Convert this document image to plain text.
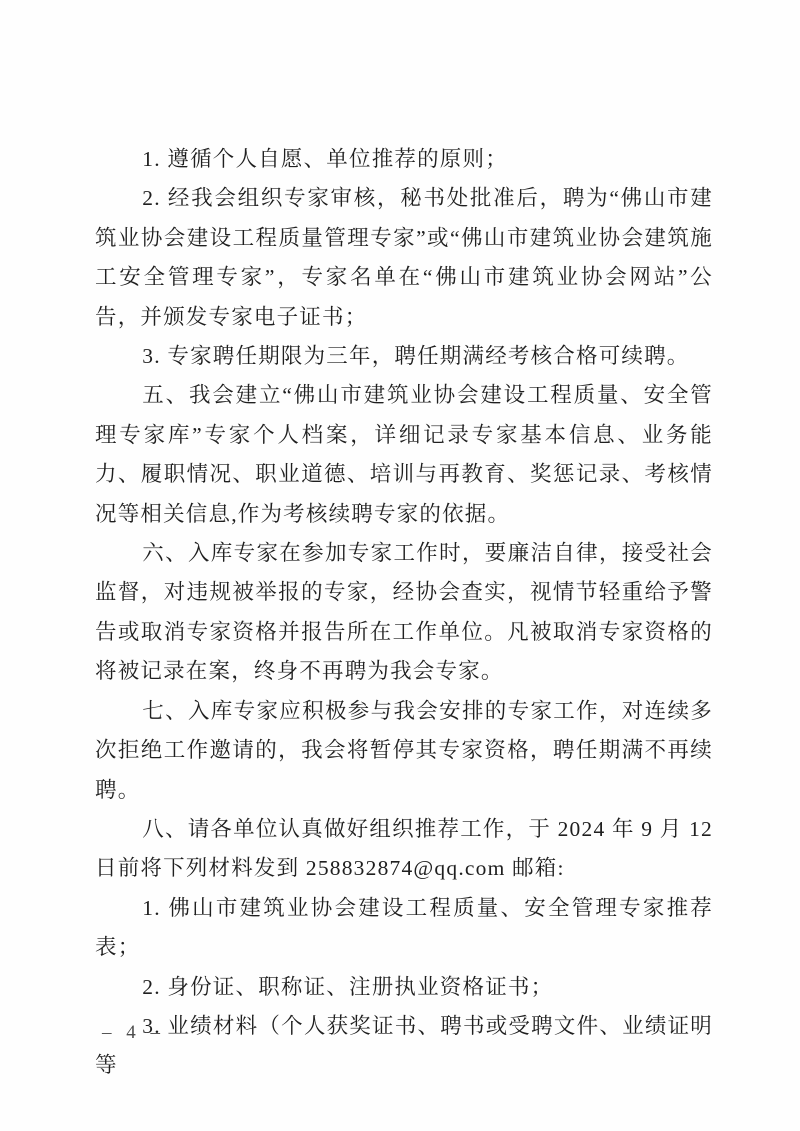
1. 遵循个人自愿、单位推荐的原则；

2. 经我会组织专家审核，秘书处批准后，聘为“佛山市建筑业协会建设工程质量管理专家”或“佛山市建筑业协会建筑施工安全管理专家”，专家名单在“佛山市建筑业协会网站”公告，并颁发专家电子证书；

3. 专家聘任期限为三年，聘任期满经考核合格可续聘。

五、我会建立“佛山市建筑业协会建设工程质量、安全管理专家库”专家个人档案，详细记录专家基本信息、业务能力、履职情况、职业道德、培训与再教育、奖惩记录、考核情况等相关信息,作为考核续聘专家的依据。

六、入库专家在参加专家工作时，要廉洁自律，接受社会监督，对违规被举报的专家，经协会查实，视情节轻重给予警告或取消专家资格并报告所在工作单位。凡被取消专家资格的将被记录在案，终身不再聘为我会专家。

七、入库专家应积极参与我会安排的专家工作，对连续多次拒绝工作邀请的，我会将暂停其专家资格，聘任期满不再续聘。

八、请各单位认真做好组织推荐工作，于 2024 年 9 月 12 日前将下列材料发到 258832874@qq.com 邮箱:

1. 佛山市建筑业协会建设工程质量、安全管理专家推荐表；

2. 身份证、职称证、注册执业资格证书；

3. 业绩材料（个人获奖证书、聘书或受聘文件、业绩证明等

– 4 –
